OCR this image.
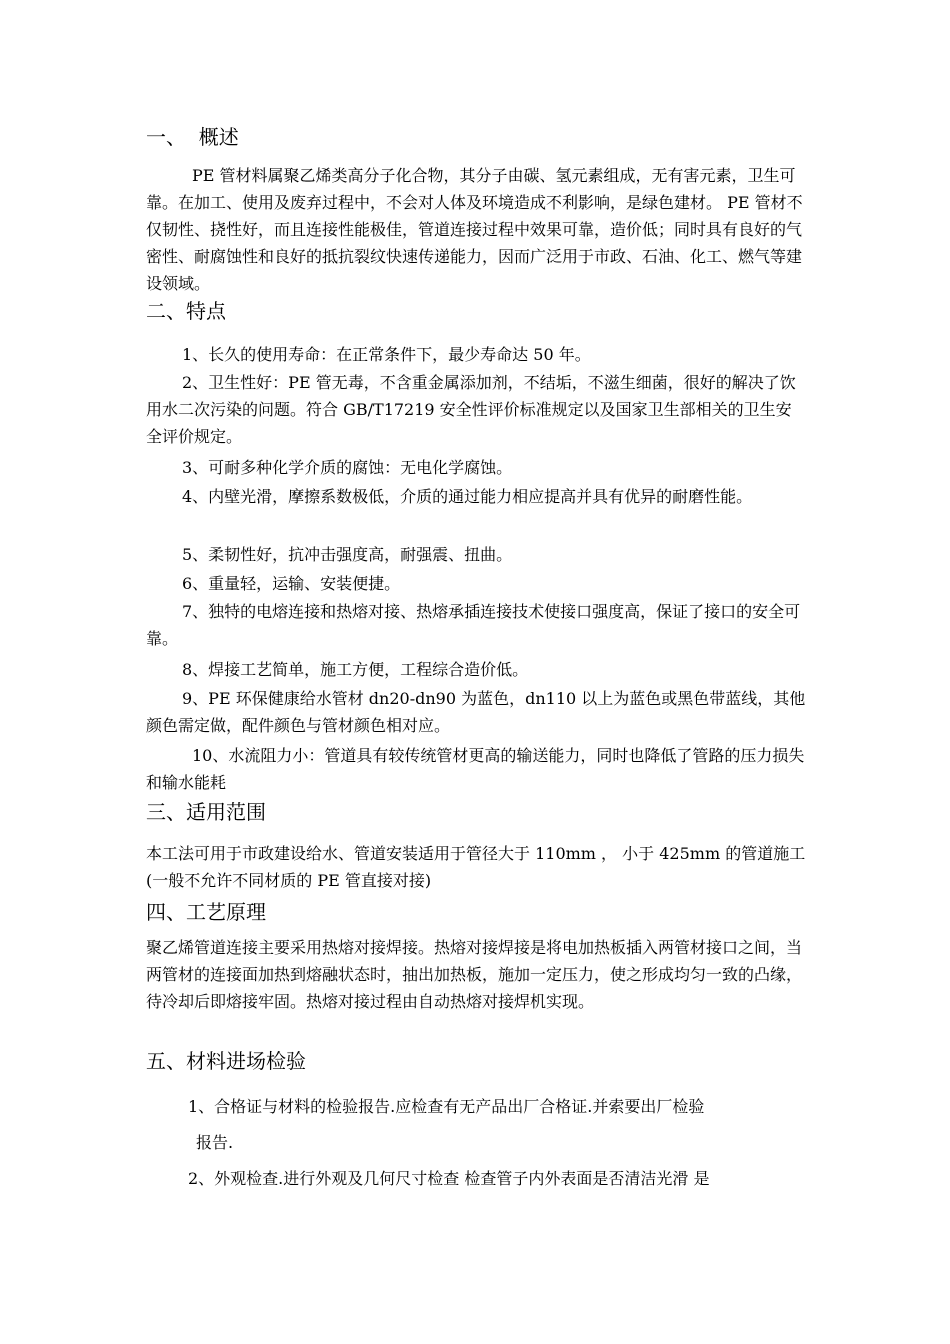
一、  概述
PE 管材料属聚乙烯类高分子化合物，其分子由碳、氢元素组成，无有害元素，卫生可靠。在加工、使用及废弃过程中，不会对人体及环境造成不利影响，是绿色建材。 PE 管材不仅韧性、挠性好，而且连接性能极佳，管道连接过程中效果可靠，造价低；同时具有良好的气密性、耐腐蚀性和良好的抵抗裂纹快速传递能力，因而广泛用于市政、石油、化工、燃气等建设领域。
二、特点
1、长久的使用寿命：在正常条件下，最少寿命达 50 年。
2、卫生性好：PE 管无毒，不含重金属添加剂，不结垢，不滋生细菌，很好的解决了饮用水二次污染的问题。符合 GB/T17219 安全性评价标准规定以及国家卫生部相关的卫生安全评价规定。
3、可耐多种化学介质的腐蚀：无电化学腐蚀。
4、内壁光滑，摩擦系数极低，介质的通过能力相应提高并具有优异的耐磨性能。
5、柔韧性好，抗冲击强度高，耐强震、扭曲。
6、重量轻，运输、安装便捷。
7、独特的电熔连接和热熔对接、热熔承插连接技术使接口强度高，保证了接口的安全可靠。
8、焊接工艺简单，施工方便，工程综合造价低。
9、PE 环保健康给水管材 dn20-dn90 为蓝色，dn110 以上为蓝色或黑色带蓝线，其他颜色需定做，配件颜色与管材颜色相对应。
10、水流阻力小：管道具有较传统管材更高的输送能力，同时也降低了管路的压力损失和输水能耗
三、适用范围
本工法可用于市政建设给水、管道安装适用于管径大于 110mm ， 小于 425mm 的管道施工(一般不允许不同材质的 PE 管直接对接)
四、工艺原理
聚乙烯管道连接主要采用热熔对接焊接。热熔对接焊接是将电加热板插入两管材接口之间，当两管材的连接面加热到熔融状态时，抽出加热板，施加一定压力，使之形成均匀一致的凸缘，待冷却后即熔接牢固。热熔对接过程由自动热熔对接焊机实现。
五、材料进场检验
1、合格证与材料的检验报告.应检查有无产品出厂合格证.并索要出厂检验
报告.
2、外观检查.进行外观及几何尺寸检查 检查管子内外表面是否清洁光滑 是
